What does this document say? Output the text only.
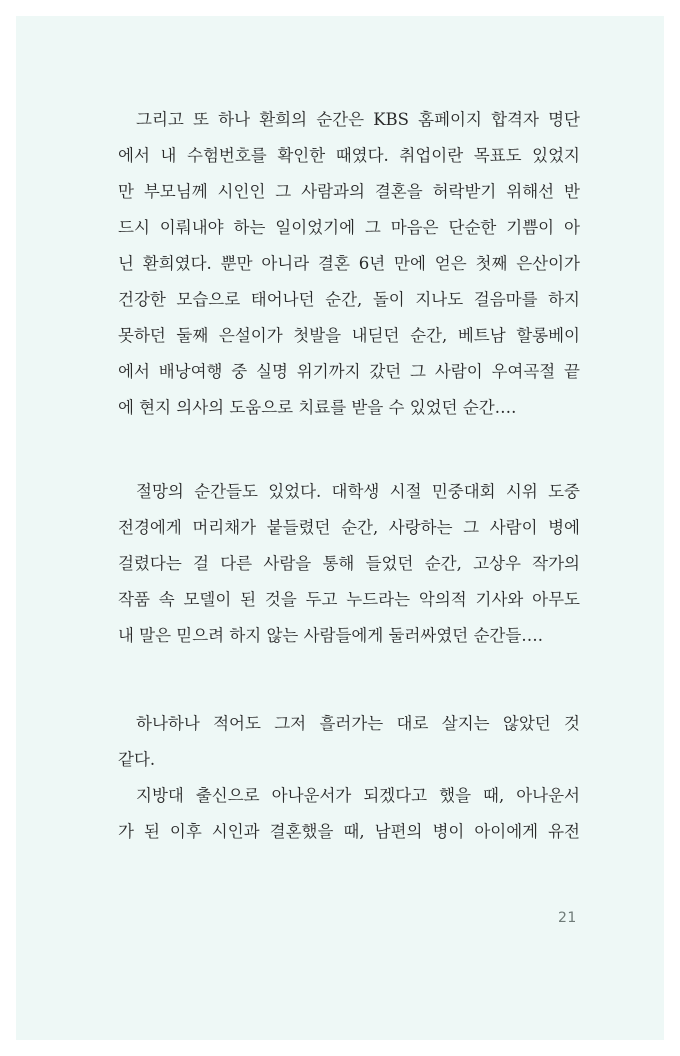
그리고 또 하나 환희의 순간은 KBS 홈페이지 합격자 명단
에서 내 수험번호를 확인한 때였다. 취업이란 목표도 있었지
만 부모님께 시인인 그 사람과의 결혼을 허락받기 위해선 반
드시 이뤄내야 하는 일이었기에 그 마음은 단순한 기쁨이 아
닌 환희였다. 뿐만 아니라 결혼 6년 만에 얻은 첫째 은산이가
건강한 모습으로 태어나던 순간, 돌이 지나도 걸음마를 하지
못하던 둘째 은설이가 첫발을 내딛던 순간, 베트남 할롱베이
에서 배낭여행 중 실명 위기까지 갔던 그 사람이 우여곡절 끝
에 현지 의사의 도움으로 치료를 받을 수 있었던 순간….
절망의 순간들도 있었다. 대학생 시절 민중대회 시위 도중
전경에게 머리채가 붙들렸던 순간, 사랑하는 그 사람이 병에
걸렸다는 걸 다른 사람을 통해 들었던 순간, 고상우 작가의
작품 속 모델이 된 것을 두고 누드라는 악의적 기사와 아무도
내 말은 믿으려 하지 않는 사람들에게 둘러싸였던 순간들….
하나하나 적어도 그저 흘러가는 대로 살지는 않았던 것
같다.
지방대 출신으로 아나운서가 되겠다고 했을 때, 아나운서
가 된 이후 시인과 결혼했을 때, 남편의 병이 아이에게 유전
21
